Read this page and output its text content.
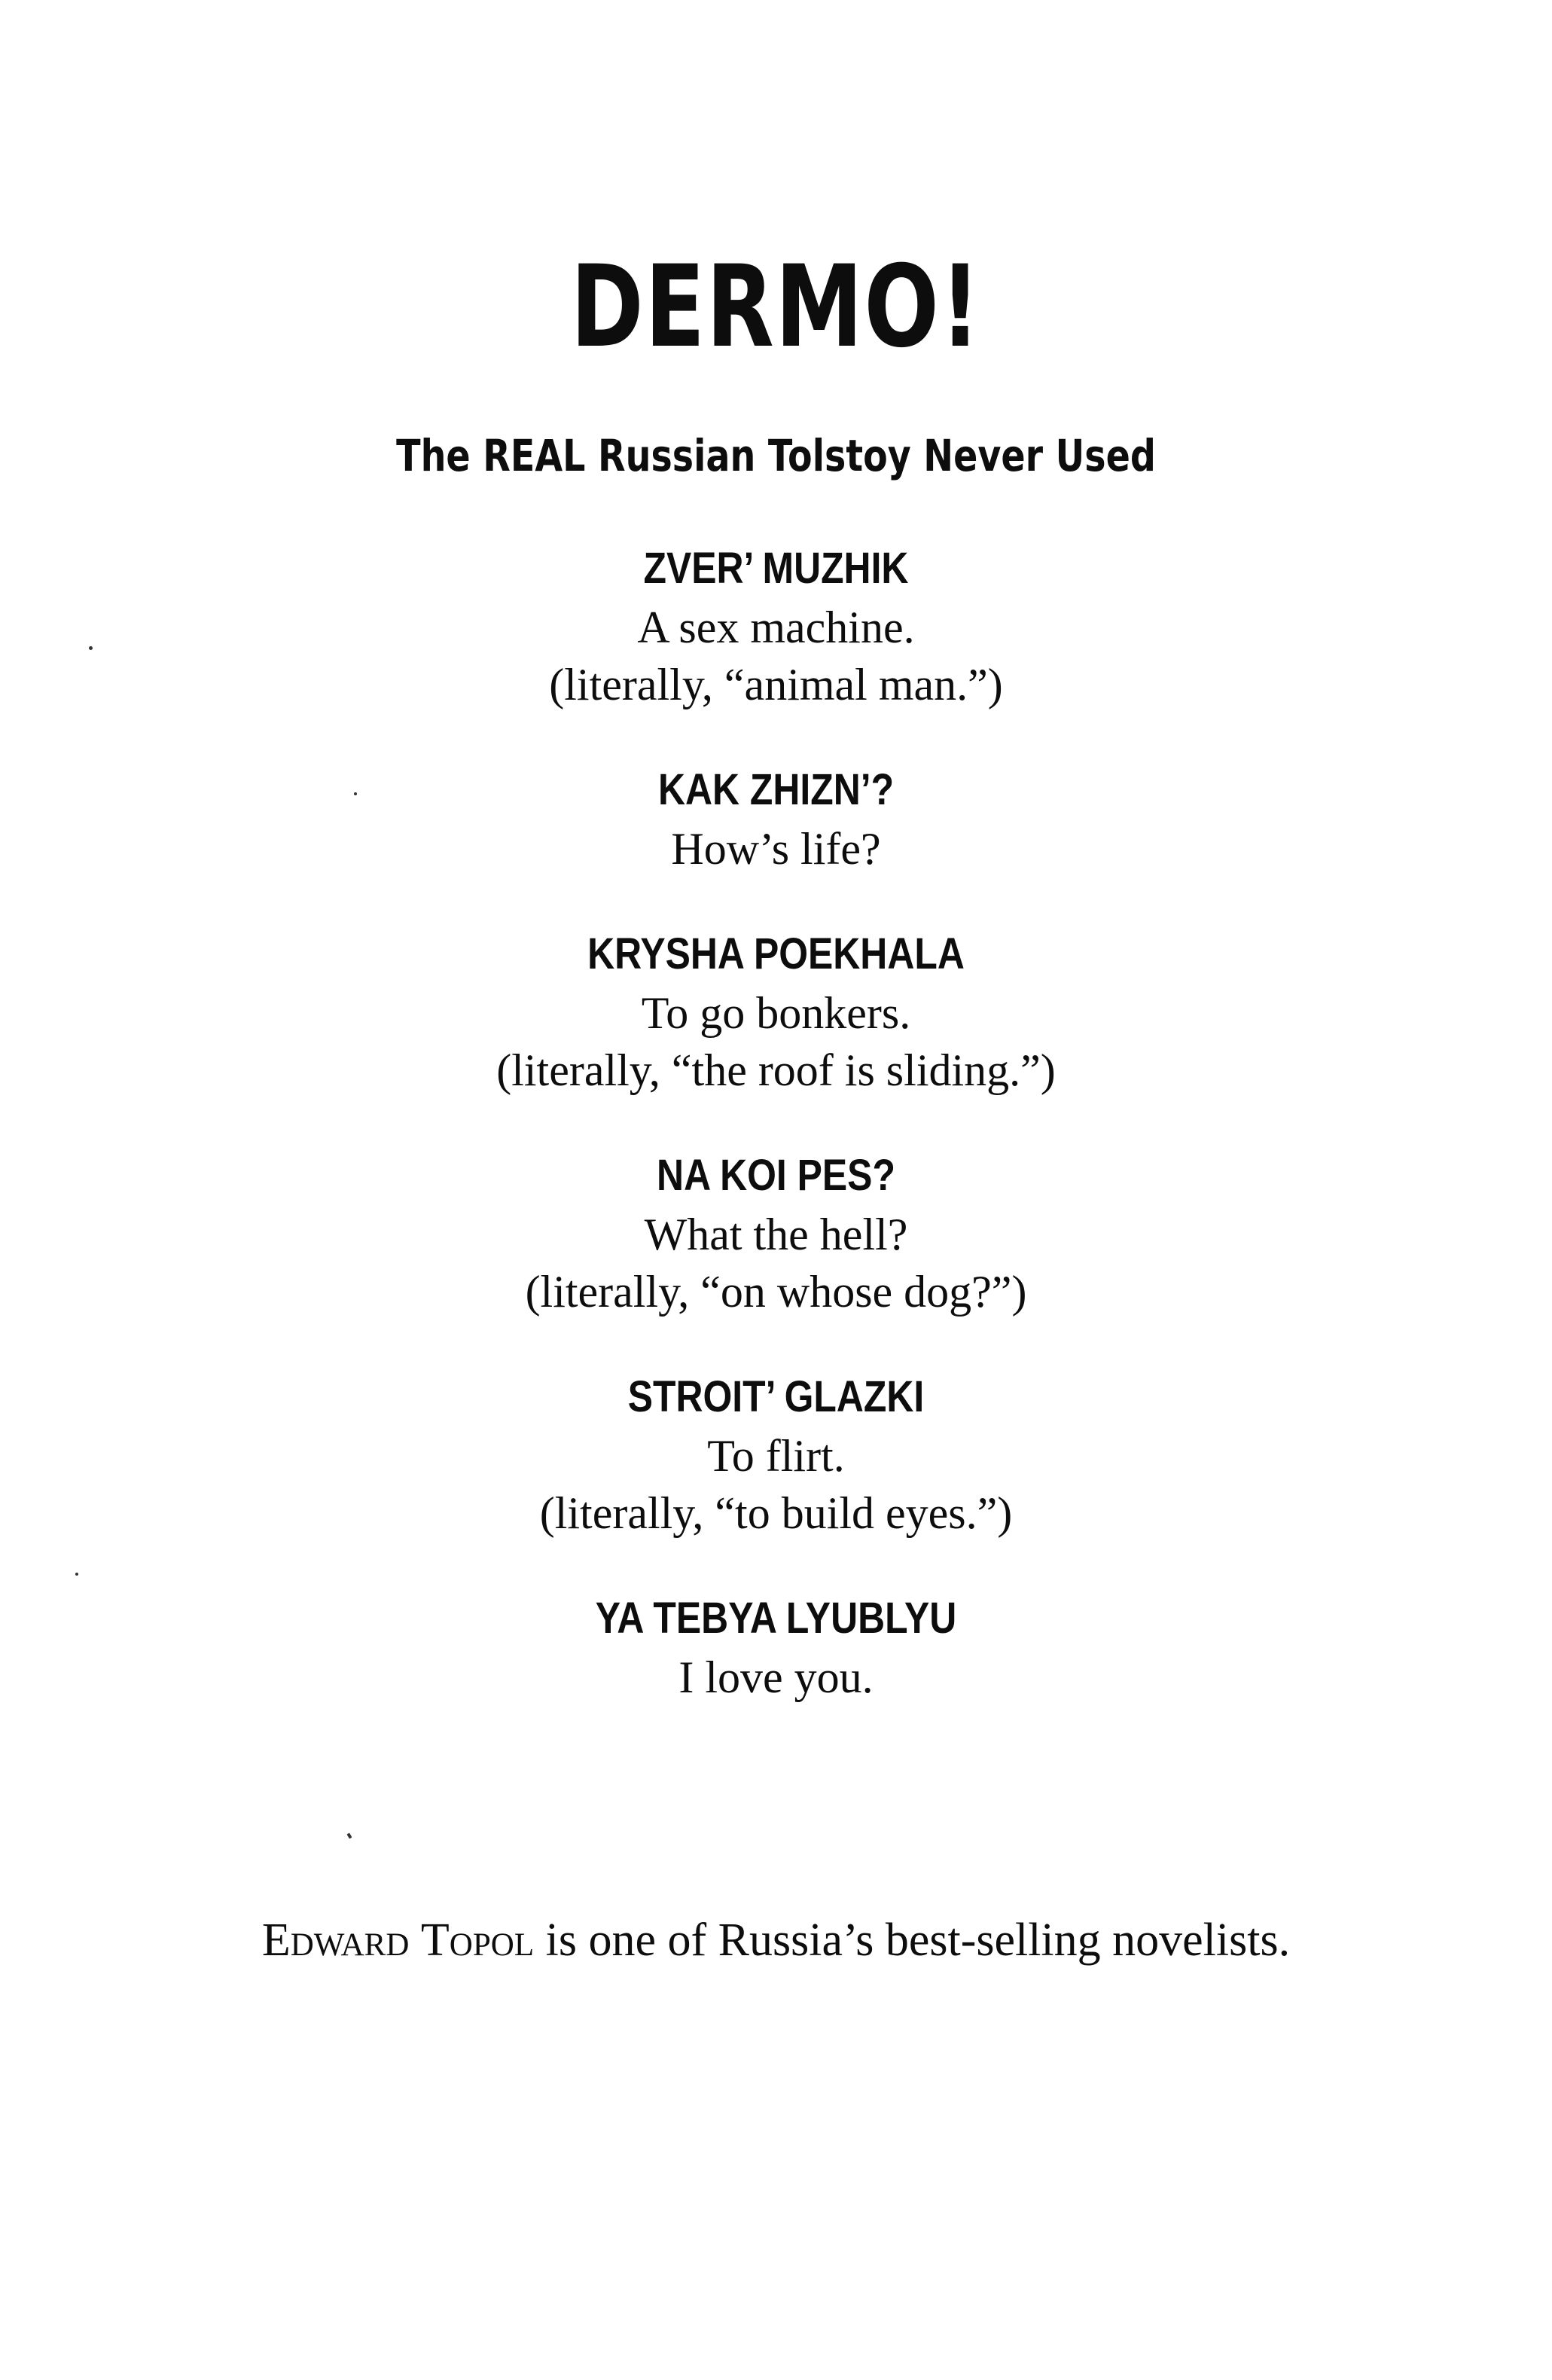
DERMO!
The REAL Russian Tolstoy Never Used
ZVER’ MUZHIK
A sex machine.
(literally, “animal man.”)
KAK ZHIZN’?
How’s life?
KRYSHA POEKHALA
To go bonkers.
(literally, “the roof is sliding.”)
NA KOI PES?
What the hell?
(literally, “on whose dog?”)
STROIT’ GLAZKI
To flirt.
(literally, “to build eyes.”)
YA TEBYA LYUBLYU
I love you.
Edward Topol is one of Russia’s best-selling novelists.
